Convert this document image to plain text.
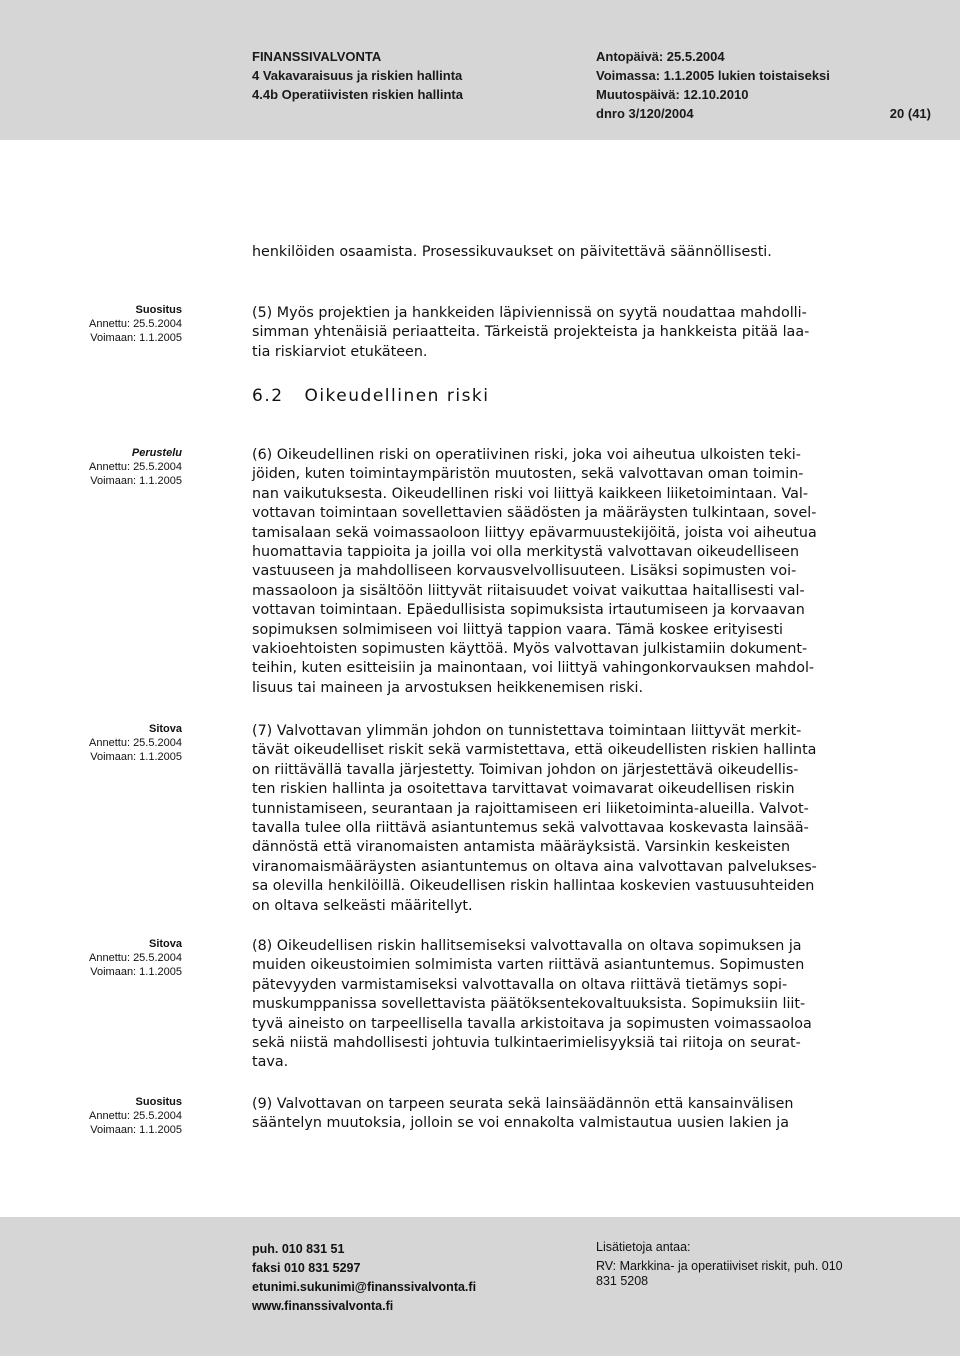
FINANSSIVALVONTA
4 Vakavaraisuus ja riskien hallinta
4.4b Operatiivisten riskien hallinta
Antopäivä: 25.5.2004
Voimassa: 1.1.2005 lukien toistaiseksi
Muutospäivä: 12.10.2010
dnro 3/120/2004	20 (41)
henkilöiden osaamista. Prosessikuvaukset on päivitettävä säännöllisesti.
Suositus
Annettu: 25.5.2004
Voimaan: 1.1.2005
(5) Myös projektien ja hankkeiden läpiviennissä on syytä noudattaa mahdolli-
simman yhtenäisiä periaatteita. Tärkeistä projekteista ja hankkeista pitää laa-
tia riskiarviot etukäteen.
6.2 Oikeudellinen riski
Perustelu
Annettu: 25.5.2004
Voimaan: 1.1.2005
(6) Oikeudellinen riski on operatiivinen riski, joka voi aiheutua ulkoisten teki-
jöiden, kuten toimintaympäristön muutosten, sekä valvottavan oman toimin-
nan vaikutuksesta. Oikeudellinen riski voi liittyä kaikkeen liiketoimintaan. Val-
vottavan toimintaan sovellettavien säädösten ja määräysten tulkintaan, sovel-
tamisalaan sekä voimassaoloon liittyy epävarmuustekijöitä, joista voi aiheutua
huomattavia tappioita ja joilla voi olla merkitystä valvottavan oikeudelliseen
vastuuseen ja mahdolliseen korvausvelvollisuuteen. Lisäksi sopimusten voi-
massaoloon ja sisältöön liittyvät riitaisuudet voivat vaikuttaa haitallisesti val-
vottavan toimintaan. Epäedullisista sopimuksista irtautumiseen ja korvaavan
sopimuksen solmimiseen voi liittyä tappion vaara. Tämä koskee erityisesti
vakioehtoisten sopimusten käyttöä. Myös valvottavan julkistamiin dokument-
teihin, kuten esitteisiin ja mainontaan, voi liittyä vahingonkorvauksen mahdol-
lisuus tai maineen ja arvostuksen heikkenemisen riski.
Sitova
Annettu: 25.5.2004
Voimaan: 1.1.2005
(7) Valvottavan ylimmän johdon on tunnistettava toimintaan liittyvät merkit-
tävät oikeudelliset riskit sekä varmistettava, että oikeudellisten riskien hallinta
on riittävällä tavalla järjestetty. Toimivan johdon on järjestettävä oikeudellis-
ten riskien hallinta ja osoitettava tarvittavat voimavarat oikeudellisen riskin
tunnistamiseen, seurantaan ja rajoittamiseen eri liiketoiminta-alueilla. Valvot-
tavalla tulee olla riittävä asiantuntemus sekä valvottavaa koskevasta lainsää-
dännöstä että viranomaisten antamista määräyksistä. Varsinkin keskeisten
viranomaismääräysten asiantuntemus on oltava aina valvottavan palvelukses-
sa olevilla henkilöillä. Oikeudellisen riskin hallintaa koskevien vastuusuhteiden
on oltava selkeästi määritellyt.
Sitova
Annettu: 25.5.2004
Voimaan: 1.1.2005
(8) Oikeudellisen riskin hallitsemiseksi valvottavalla on oltava sopimuksen ja
muiden oikeustoimien solmimista varten riittävä asiantuntemus. Sopimusten
pätevyyden varmistamiseksi valvottavalla on oltava riittävä tietämys sopi-
muskumppanissa sovellettavista päätöksentekovaltuuksista. Sopimuksiin liit-
tyvä aineisto on tarpeellisella tavalla arkistoitava ja sopimusten voimassaoloa
sekä niistä mahdollisesti johtuvia tulkintaerimielisyyksiä tai riitoja on seurat-
tava.
Suositus
Annettu: 25.5.2004
Voimaan: 1.1.2005
(9) Valvottavan on tarpeen seurata sekä lainsäädännön että kansainvälisen
sääntelyn muutoksia, jolloin se voi ennakolta valmistautua uusien lakien ja
puh. 010 831 51
faksi 010 831 5297
etunimi.sukunimi@finanssivalvonta.fi
www.finanssivalvonta.fi
Lisätietoja antaa:
RV: Markkina- ja operatiiviset riskit, puh. 010
831 5208
